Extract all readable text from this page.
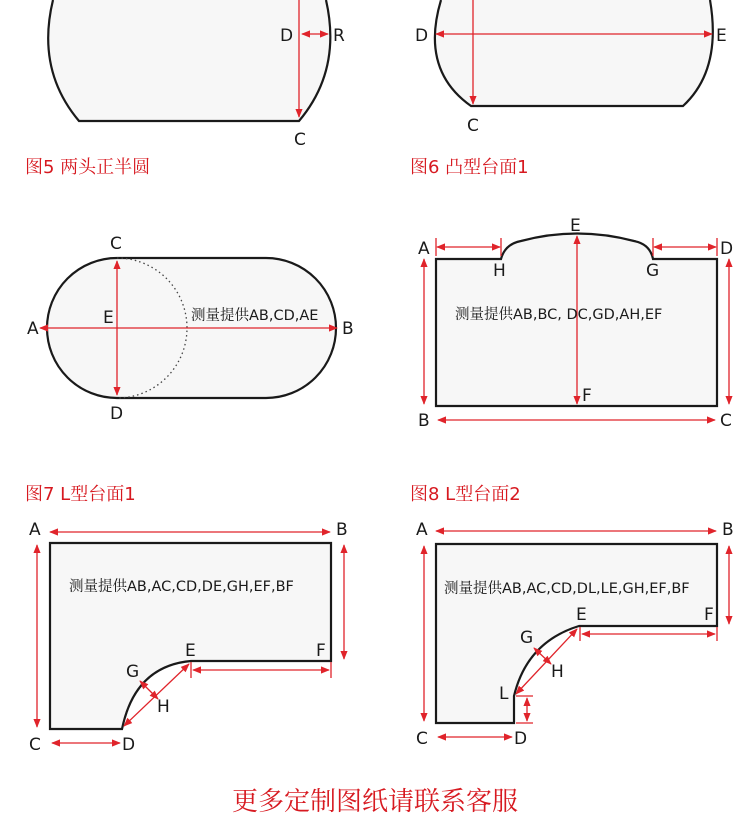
D R
C
图5 两头正半圆
D	E
C
图6 凸型台面1
C
D
A	B
E	测量提供AB,CD,AE
A	D
E
H	G
F
B	C
测量提供AB,BC, DC,GD,AH,EF
图7 L型台面1
A	B
C	D
E	F
G
H
测量提供AB,AC,CD,DE,GH,EF,BF
图8 L型台面2
A	B
C	D
E	F
G
H
L
测量提供AB,AC,CD,DL,LE,GH,EF,BF
更多定制图纸请联系客服
